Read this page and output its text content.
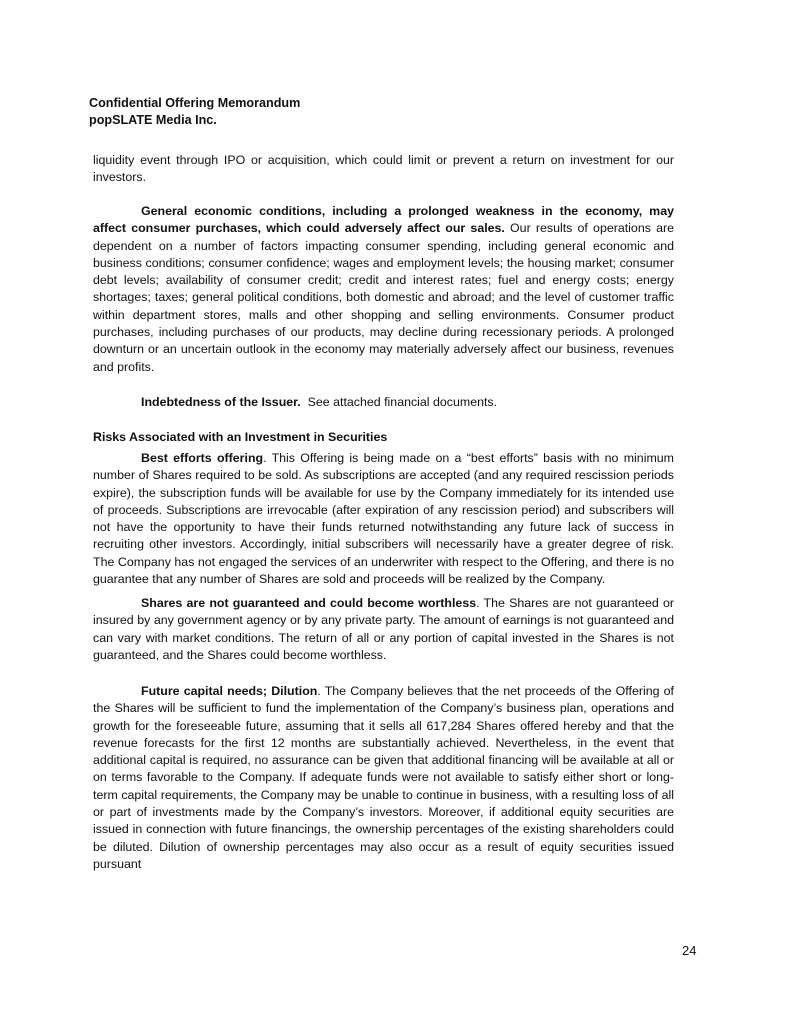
Confidential Offering Memorandum
popSLATE Media Inc.

liquidity event through IPO or acquisition, which could limit or prevent a return on investment for our investors.

General economic conditions, including a prolonged weakness in the economy, may affect consumer purchases, which could adversely affect our sales. Our results of operations are dependent on a number of factors impacting consumer spending, including general economic and business conditions; consumer confidence; wages and employment levels; the housing market; consumer debt levels; availability of consumer credit; credit and interest rates; fuel and energy costs; energy shortages; taxes; general political conditions, both domestic and abroad; and the level of customer traffic within department stores, malls and other shopping and selling environments. Consumer product purchases, including purchases of our products, may decline during recessionary periods. A prolonged downturn or an uncertain outlook in the economy may materially adversely affect our business, revenues and profits.

Indebtedness of the Issuer.  See attached financial documents.

Risks Associated with an Investment in Securities

Best efforts offering. This Offering is being made on a “best efforts” basis with no minimum number of Shares required to be sold. As subscriptions are accepted (and any required rescission periods expire), the subscription funds will be available for use by the Company immediately for its intended use of proceeds. Subscriptions are irrevocable (after expiration of any rescission period) and subscribers will not have the opportunity to have their funds returned notwithstanding any future lack of success in recruiting other investors. Accordingly, initial subscribers will necessarily have a greater degree of risk. The Company has not engaged the services of an underwriter with respect to the Offering, and there is no guarantee that any number of Shares are sold and proceeds will be realized by the Company.

Shares are not guaranteed and could become worthless. The Shares are not guaranteed or insured by any government agency or by any private party. The amount of earnings is not guaranteed and can vary with market conditions. The return of all or any portion of capital invested in the Shares is not guaranteed, and the Shares could become worthless.

Future capital needs; Dilution. The Company believes that the net proceeds of the Offering of the Shares will be sufficient to fund the implementation of the Company’s business plan, operations and growth for the foreseeable future, assuming that it sells all 617,284 Shares offered hereby and that the revenue forecasts for the first 12 months are substantially achieved. Nevertheless, in the event that additional capital is required, no assurance can be given that additional financing will be available at all or on terms favorable to the Company. If adequate funds were not available to satisfy either short or long-term capital requirements, the Company may be unable to continue in business, with a resulting loss of all or part of investments made by the Company’s investors. Moreover, if additional equity securities are issued in connection with future financings, the ownership percentages of the existing shareholders could be diluted. Dilution of ownership percentages may also occur as a result of equity securities issued pursuant

24
